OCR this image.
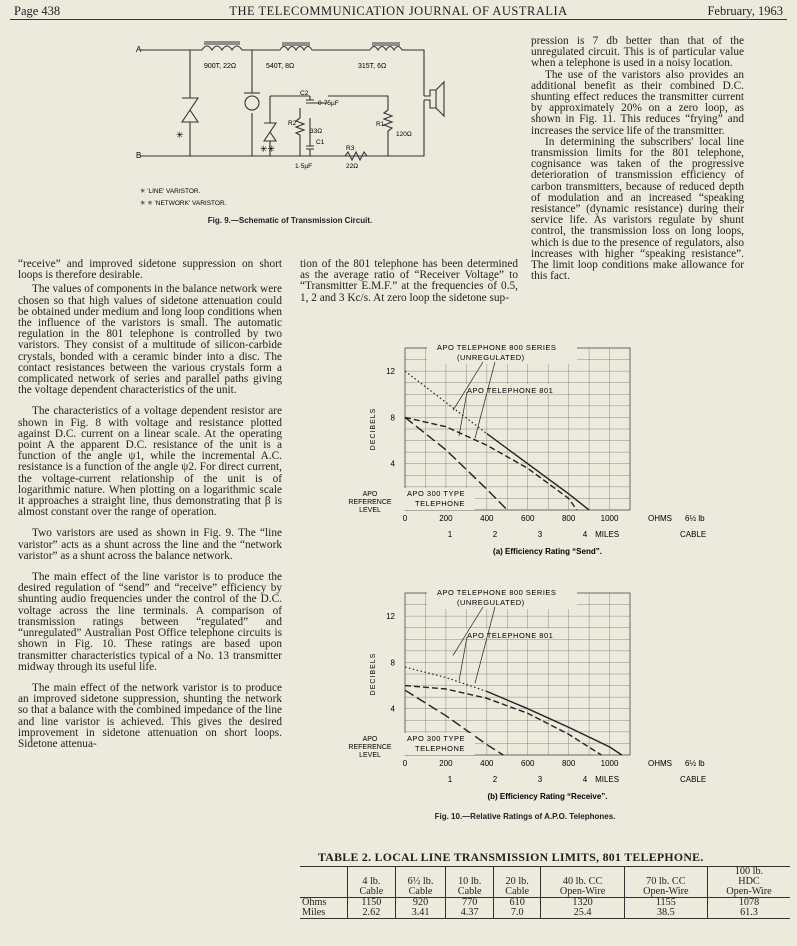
Page 438	THE TELECOMMUNICATION JOURNAL OF AUSTRALIA	February, 1963
A
B
900T, 22Ω	540T, 8Ω	315T, 6Ω
C2
0·75µF
R2
33Ω
R1
120Ω
C1
1·5µF
R3
22Ω
✳
✳✳
✳ 'LINE' VARISTOR.
✳ ✳ 'NETWORK' VARISTOR.
Fig. 9.—Schematic of Transmission Circuit.

pression is 7 db better than that of the unregulated circuit. This is of particular value when a telephone is used in a noisy location.

The use of the varistors also provides an additional benefit as their combined D.C. shunting effect reduces the transmitter current by approximately 20% on a zero loop, as shown in Fig. 11. This reduces “frying” and increases the service life of the transmitter.

In determining the subscribers' local line transmission limits for the 801 telephone, cognisance was taken of the progressive deterioration of transmission efficiency of carbon transmitters, because of reduced depth of modulation and an increased “speaking resistance” (dynamic resistance) during their service life. As varistors regulate by shunt control, the transmission loss on long loops, which is due to the presence of regulators, also increases with higher “speaking resistance”. The limit loop conditions make allowance for this fact.

“receive” and improved sidetone suppression on short loops is therefore desirable.

The values of components in the balance network were chosen so that high values of sidetone attenuation could be obtained under medium and long loop conditions when the influence of the varistors is small. The automatic regulation in the 801 telephone is controlled by two varistors. They consist of a multitude of silicon-carbide crystals, bonded with a ceramic binder into a disc. The contact resistances between the various crystals form a complicated network of series and parallel paths giving the voltage dependent characteristics of the unit.

The characteristics of a voltage dependent resistor are shown in Fig. 8 with voltage and resistance plotted against D.C. current on a linear scale. At the operating point A the apparent D.C. resistance of the unit is a function of the angle ψ1, while the incremental A.C. resistance is a function of the angle ψ2. For direct current, the voltage-current relationship of the unit is of logarithmic nature. When plotting on a logarithmic scale it approaches a straight line, thus demonstrating that β is almost constant over the range of operation.

Two varistors are used as shown in Fig. 9. The “line varistor” acts as a shunt across the line and the “network varistor” as a shunt across the balance network.

The main effect of the line varistor is to produce the desired regulation of “send” and “receive” efficiency by shunting audio frequencies under the control of the D.C. voltage across the line terminals. A comparison of transmission ratings between “regulated” and “unregulated” Australian Post Office telephone circuits is shown in Fig. 10. These ratings are based upon transmitter characteristics typical of a No. 13 transmitter midway through its useful life.

The main effect of the network varistor is to produce an improved sidetone suppression, shunting the network so that a balance with the combined impedance of the line and line varistor is achieved. This gives the desired improvement in sidetone attenuation on short loops. Sidetone attenua-

tion of the 801 telephone has been determined as the average ratio of “Receiver Voltage” to “Transmitter E.M.F.” at the frequencies of 0.5, 1, 2 and 3 Kc/s. At zero loop the sidetone sup-

12
8
4
DECIBELS
APO
REFERENCE
LEVEL
0	200	400	600	800	1000	OHMS 6½ lb
1	2	3	4 MILES	CABLE
APO TELEPHONE 800 SERIES
(UNREGULATED)
APO TELEPHONE 801
APO 300 TYPE
TELEPHONE
(a) Efficiency Rating “Send”.
12
8
4
DECIBELS
APO
REFERENCE
LEVEL
0	200	400	600	800	1000	OHMS 6½ lb
1	2	3	4 MILES	CABLE
APO TELEPHONE 800 SERIES
(UNREGULATED)
APO TELEPHONE 801
APO 300 TYPE
TELEPHONE
(b) Efficiency Rating “Receive”.
Fig. 10.—Relative Ratings of A.P.O. Telephones.
TABLE 2. LOCAL LINE TRANSMISSION LIMITS, 801 TELEPHONE.

	4 lb.
Cable	6½ lb.
Cable	10 lb.
Cable	20 lb.
Cable	40 lb. CC
Open-Wire	70 lb. CC
Open-Wire	100 lb.
HDC
Open-Wire
Ohms	1150	920	770	610	1320	1155	1078
Miles	2.62	3.41	4.37	7.0	25.4	38.5	61.3
